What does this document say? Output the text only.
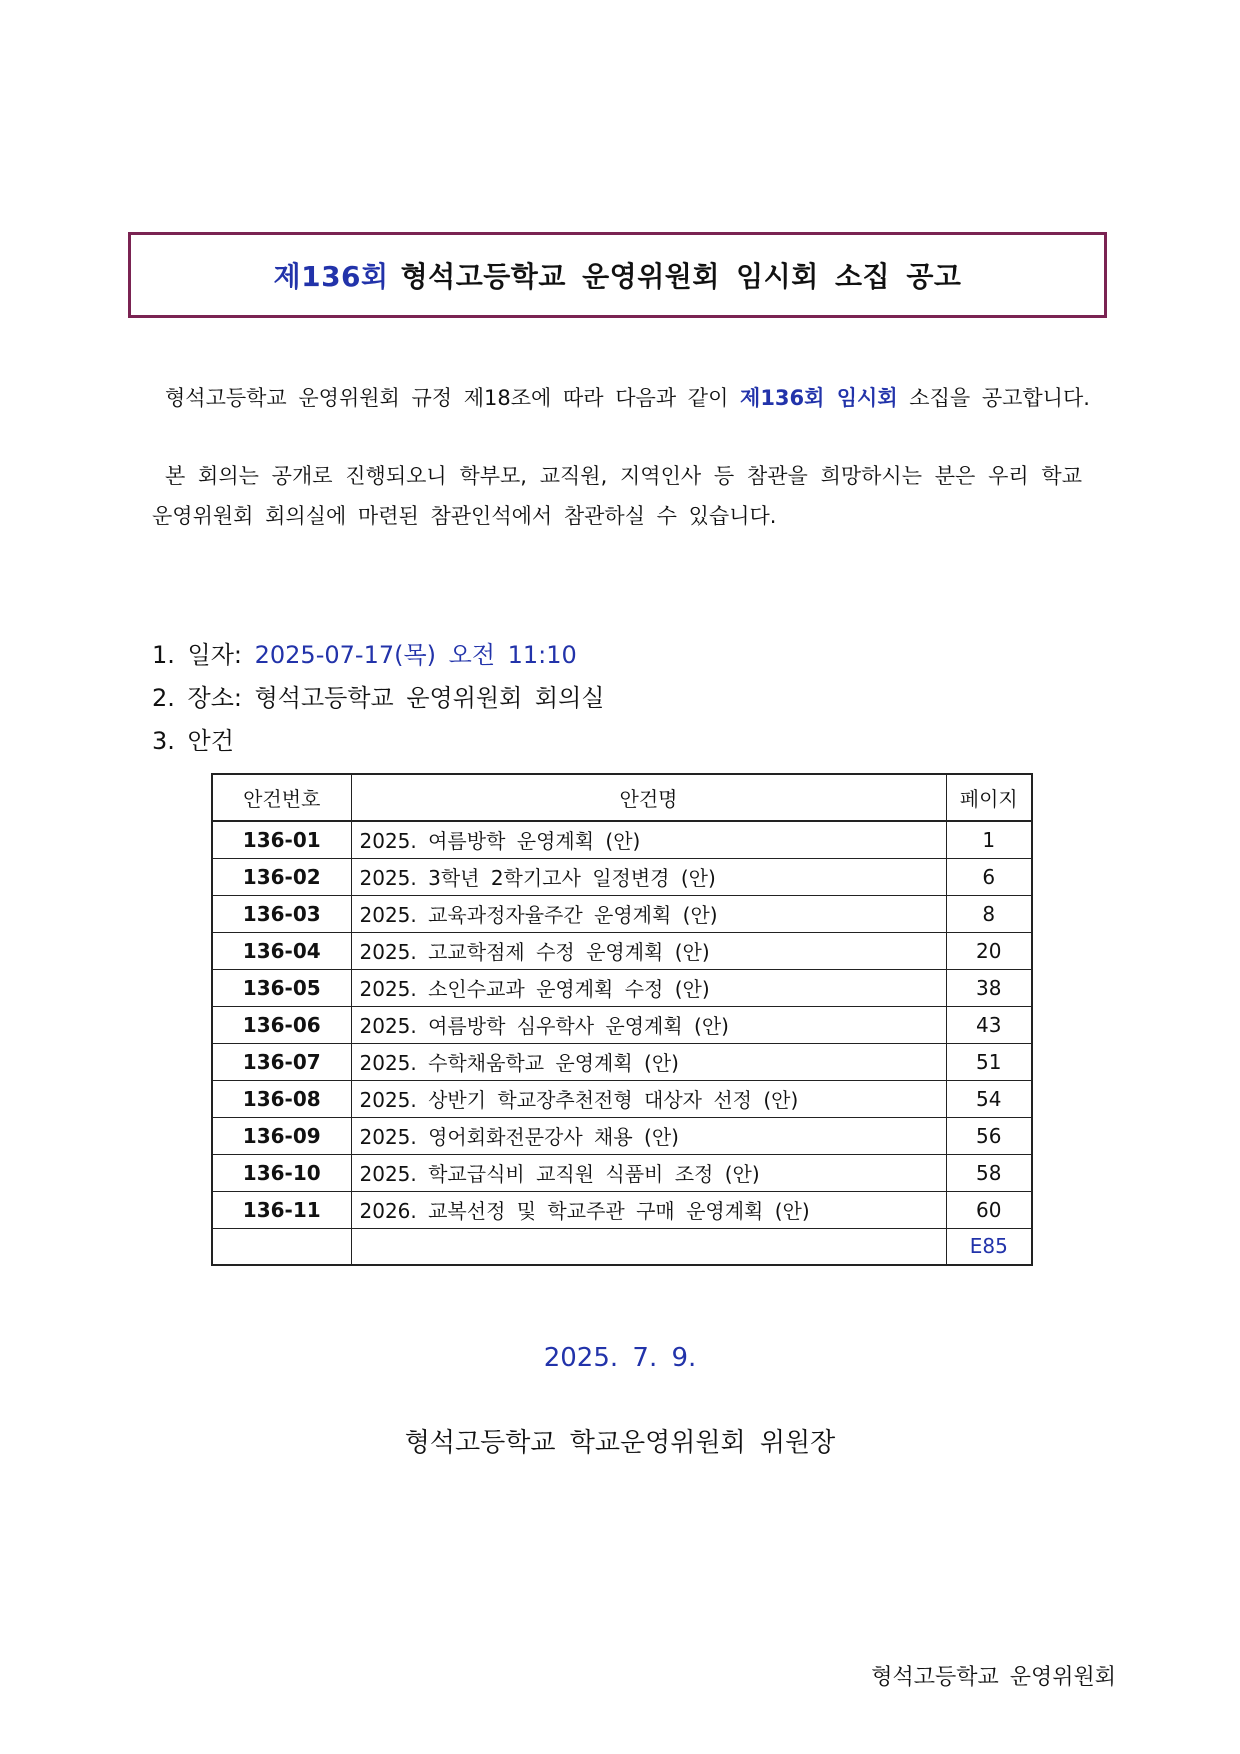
제136회 형석고등학교 운영위원회 임시회 소집 공고
형석고등학교 운영위원회 규정 제18조에 따라 다음과 같이 제136회 임시회 소집을 공고합니다.
본 회의는 공개로 진행되오니 학부모, 교직원, 지역인사 등 참관을 희망하시는 분은 우리 학교 운영위원회 회의실에 마련된 참관인석에서 참관하실 수 있습니다.
1. 일자: 2025-07-17(목) 오전 11:10
2. 장소: 형석고등학교 운영위원회 회의실
3. 안건
안건번호	안건명	페이지
136-01	2025. 여름방학 운영계획 (안)	1
136-02	2025. 3학년 2학기고사 일정변경 (안)	6
136-03	2025. 교육과정자율주간 운영계획 (안)	8
136-04	2025. 고교학점제 수정 운영계획 (안)	20
136-05	2025. 소인수교과 운영계획 수정 (안)	38
136-06	2025. 여름방학 심우학사 운영계획 (안)	43
136-07	2025. 수학채움학교 운영계획 (안)	51
136-08	2025. 상반기 학교장추천전형 대상자 선정 (안)	54
136-09	2025. 영어회화전문강사 채용 (안)	56
136-10	2025. 학교급식비 교직원 식품비 조정 (안)	58
136-11	2026. 교복선정 및 학교주관 구매 운영계획 (안)	60
		E85
2025. 7. 9.
형석고등학교 학교운영위원회 위원장
형석고등학교 운영위원회
